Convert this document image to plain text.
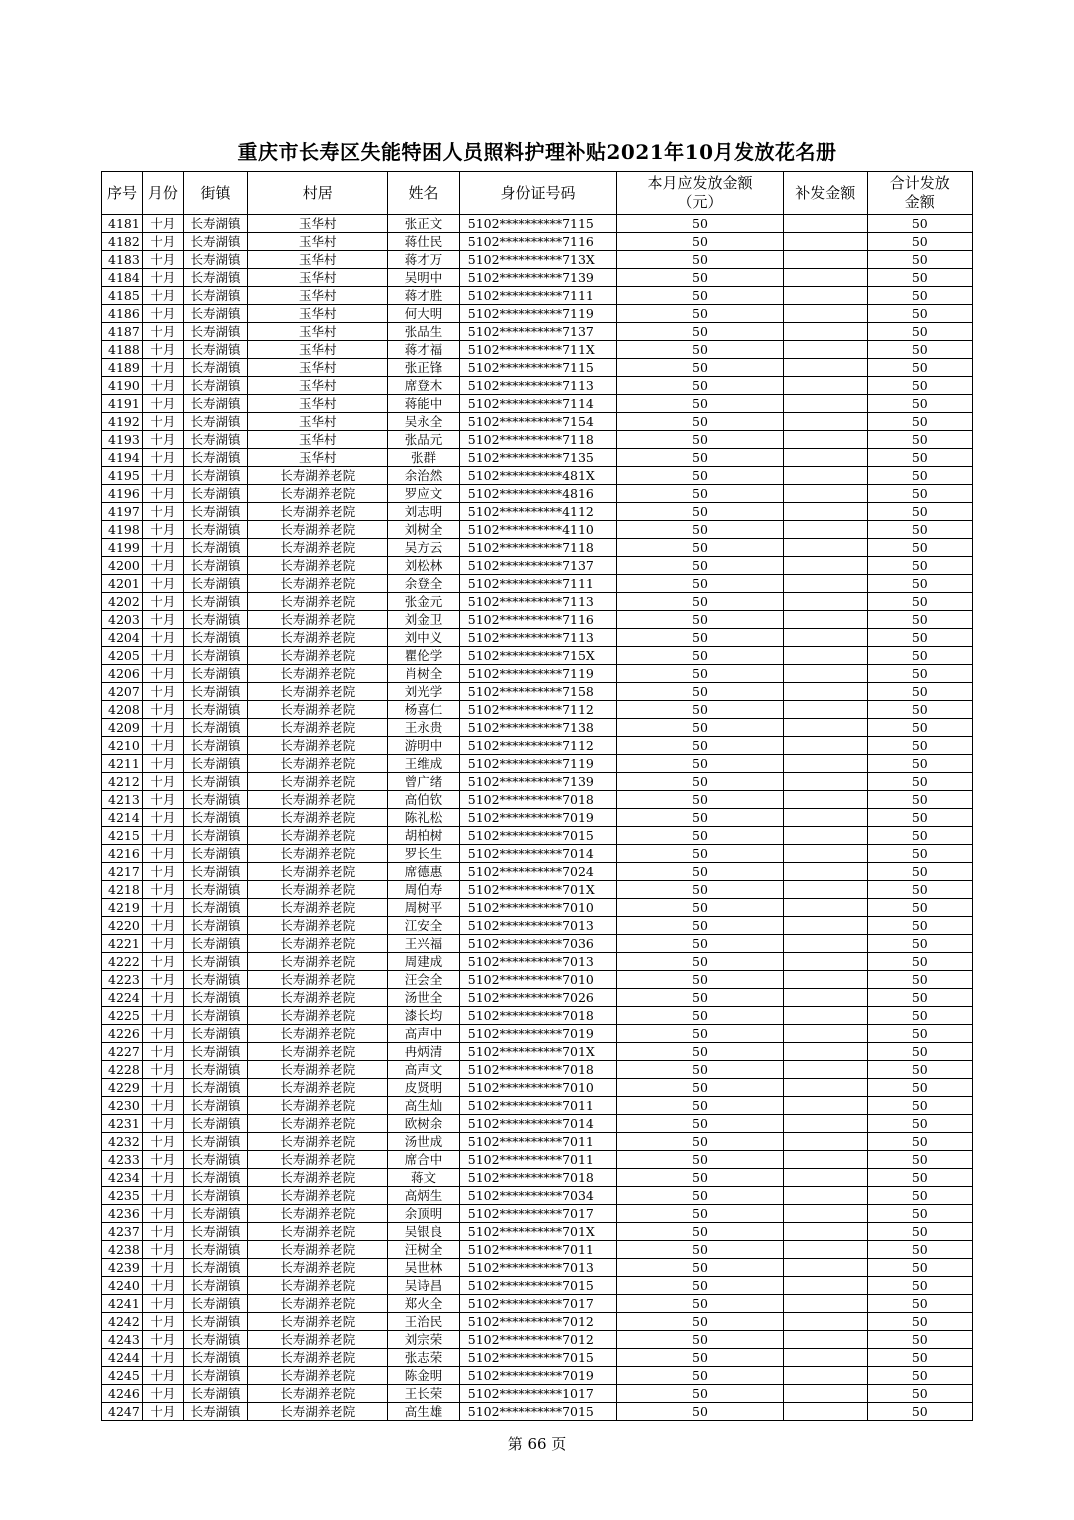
重庆市长寿区失能特困人员照料护理补贴2021年10月发放花名册
序号	月份	街镇	村居	姓名	身份证号码	本月应发放金额（元）	补发金额	合计发放金额

4181	十月	长寿湖镇	玉华村	张正文	5102**********7115	50		50
4182	十月	长寿湖镇	玉华村	蒋仕民	5102**********7116	50		50
4183	十月	长寿湖镇	玉华村	蒋才万	5102**********713X	50		50
4184	十月	长寿湖镇	玉华村	吴明中	5102**********7139	50		50
4185	十月	长寿湖镇	玉华村	蒋才胜	5102**********7111	50		50
4186	十月	长寿湖镇	玉华村	何大明	5102**********7119	50		50
4187	十月	长寿湖镇	玉华村	张品生	5102**********7137	50		50
4188	十月	长寿湖镇	玉华村	蒋才福	5102**********711X	50		50
4189	十月	长寿湖镇	玉华村	张正锋	5102**********7115	50		50
4190	十月	长寿湖镇	玉华村	席登木	5102**********7113	50		50
4191	十月	长寿湖镇	玉华村	蒋能中	5102**********7114	50		50
4192	十月	长寿湖镇	玉华村	吴永全	5102**********7154	50		50
4193	十月	长寿湖镇	玉华村	张品元	5102**********7118	50		50
4194	十月	长寿湖镇	玉华村	张群	5102**********7135	50		50
4195	十月	长寿湖镇	长寿湖养老院	余治然	5102**********481X	50		50
4196	十月	长寿湖镇	长寿湖养老院	罗应文	5102**********4816	50		50
4197	十月	长寿湖镇	长寿湖养老院	刘志明	5102**********4112	50		50
4198	十月	长寿湖镇	长寿湖养老院	刘树全	5102**********4110	50		50
4199	十月	长寿湖镇	长寿湖养老院	吴方云	5102**********7118	50		50
4200	十月	长寿湖镇	长寿湖养老院	刘松林	5102**********7137	50		50
4201	十月	长寿湖镇	长寿湖养老院	余登全	5102**********7111	50		50
4202	十月	长寿湖镇	长寿湖养老院	张金元	5102**********7113	50		50
4203	十月	长寿湖镇	长寿湖养老院	刘金卫	5102**********7116	50		50
4204	十月	长寿湖镇	长寿湖养老院	刘中义	5102**********7113	50		50
4205	十月	长寿湖镇	长寿湖养老院	瞿伦学	5102**********715X	50		50
4206	十月	长寿湖镇	长寿湖养老院	肖树全	5102**********7119	50		50
4207	十月	长寿湖镇	长寿湖养老院	刘光学	5102**********7158	50		50
4208	十月	长寿湖镇	长寿湖养老院	杨喜仁	5102**********7112	50		50
4209	十月	长寿湖镇	长寿湖养老院	王永贵	5102**********7138	50		50
4210	十月	长寿湖镇	长寿湖养老院	游明中	5102**********7112	50		50
4211	十月	长寿湖镇	长寿湖养老院	王维成	5102**********7119	50		50
4212	十月	长寿湖镇	长寿湖养老院	曾广绪	5102**********7139	50		50
4213	十月	长寿湖镇	长寿湖养老院	高伯钦	5102**********7018	50		50
4214	十月	长寿湖镇	长寿湖养老院	陈礼松	5102**********7019	50		50
4215	十月	长寿湖镇	长寿湖养老院	胡柏树	5102**********7015	50		50
4216	十月	长寿湖镇	长寿湖养老院	罗长生	5102**********7014	50		50
4217	十月	长寿湖镇	长寿湖养老院	席德惠	5102**********7024	50		50
4218	十月	长寿湖镇	长寿湖养老院	周伯寿	5102**********701X	50		50
4219	十月	长寿湖镇	长寿湖养老院	周树平	5102**********7010	50		50
4220	十月	长寿湖镇	长寿湖养老院	江安全	5102**********7013	50		50
4221	十月	长寿湖镇	长寿湖养老院	王兴福	5102**********7036	50		50
4222	十月	长寿湖镇	长寿湖养老院	周建成	5102**********7013	50		50
4223	十月	长寿湖镇	长寿湖养老院	汪会全	5102**********7010	50		50
4224	十月	长寿湖镇	长寿湖养老院	汤世全	5102**********7026	50		50
4225	十月	长寿湖镇	长寿湖养老院	漆长均	5102**********7018	50		50
4226	十月	长寿湖镇	长寿湖养老院	高声中	5102**********7019	50		50
4227	十月	长寿湖镇	长寿湖养老院	冉炳清	5102**********701X	50		50
4228	十月	长寿湖镇	长寿湖养老院	高声文	5102**********7018	50		50
4229	十月	长寿湖镇	长寿湖养老院	皮贤明	5102**********7010	50		50
4230	十月	长寿湖镇	长寿湖养老院	高生灿	5102**********7011	50		50
4231	十月	长寿湖镇	长寿湖养老院	欧树余	5102**********7014	50		50
4232	十月	长寿湖镇	长寿湖养老院	汤世成	5102**********7011	50		50
4233	十月	长寿湖镇	长寿湖养老院	席合中	5102**********7011	50		50
4234	十月	长寿湖镇	长寿湖养老院	蒋文	5102**********7018	50		50
4235	十月	长寿湖镇	长寿湖养老院	高炳生	5102**********7034	50		50
4236	十月	长寿湖镇	长寿湖养老院	余顶明	5102**********7017	50		50
4237	十月	长寿湖镇	长寿湖养老院	吴银良	5102**********701X	50		50
4238	十月	长寿湖镇	长寿湖养老院	汪树全	5102**********7011	50		50
4239	十月	长寿湖镇	长寿湖养老院	吴世林	5102**********7013	50		50
4240	十月	长寿湖镇	长寿湖养老院	吴诗昌	5102**********7015	50		50
4241	十月	长寿湖镇	长寿湖养老院	郑火全	5102**********7017	50		50
4242	十月	长寿湖镇	长寿湖养老院	王治民	5102**********7012	50		50
4243	十月	长寿湖镇	长寿湖养老院	刘宗荣	5102**********7012	50		50
4244	十月	长寿湖镇	长寿湖养老院	张志荣	5102**********7015	50		50
4245	十月	长寿湖镇	长寿湖养老院	陈金明	5102**********7019	50		50
4246	十月	长寿湖镇	长寿湖养老院	王长荣	5102**********1017	50		50
4247	十月	长寿湖镇	长寿湖养老院	高生雄	5102**********7015	50		50
第 66 页
